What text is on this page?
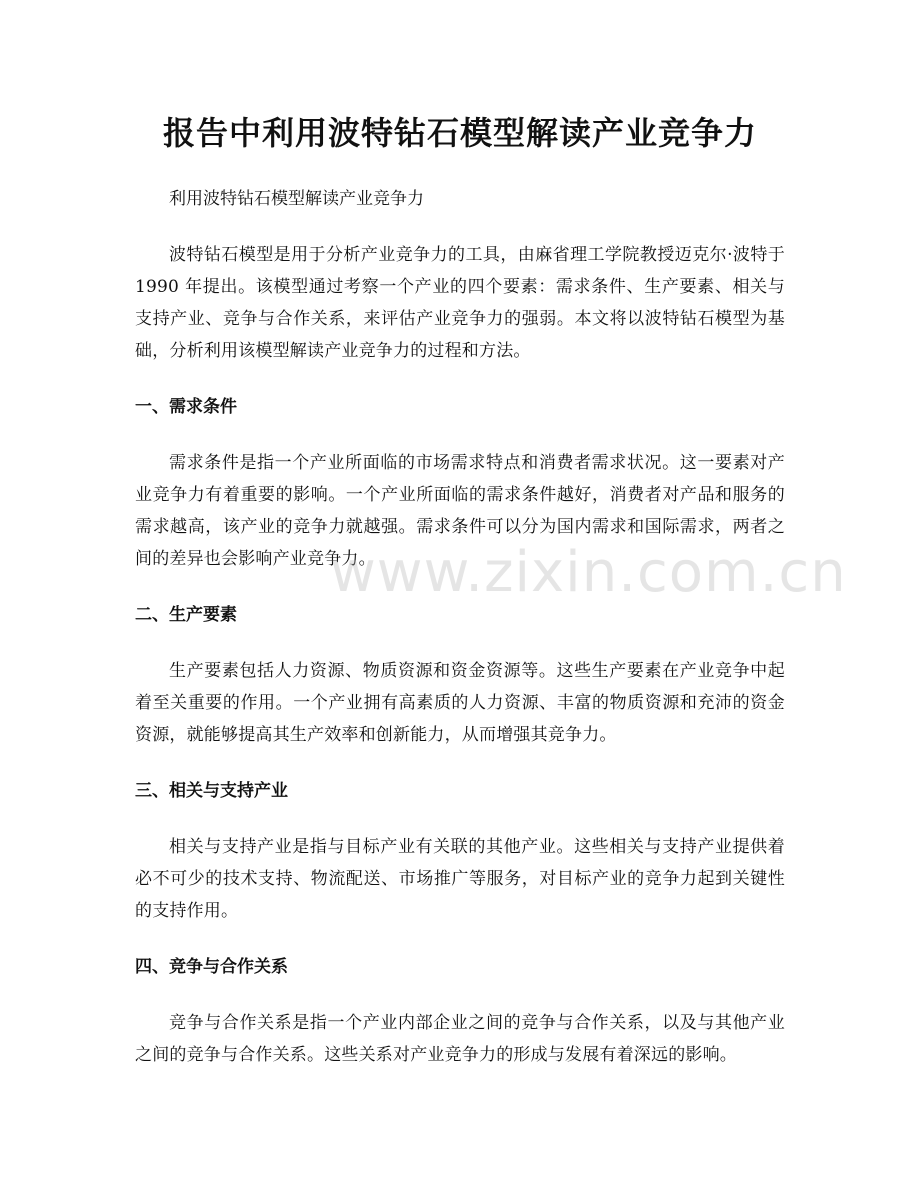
报告中利用波特钻石模型解读产业竞争力

利用波特钻石模型解读产业竞争力

波特钻石模型是用于分析产业竞争力的工具，由麻省理工学院教授迈克尔·波特于 1990 年提出。该模型通过考察一个产业的四个要素：需求条件、生产要素、相关与支持产业、竞争与合作关系，来评估产业竞争力的强弱。本文将以波特钻石模型为基础，分析利用该模型解读产业竞争力的过程和方法。

一、需求条件

需求条件是指一个产业所面临的市场需求特点和消费者需求状况。这一要素对产业竞争力有着重要的影响。一个产业所面临的需求条件越好，消费者对产品和服务的需求越高，该产业的竞争力就越强。需求条件可以分为国内需求和国际需求，两者之间的差异也会影响产业竞争力。

二、生产要素

生产要素包括人力资源、物质资源和资金资源等。这些生产要素在产业竞争中起着至关重要的作用。一个产业拥有高素质的人力资源、丰富的物质资源和充沛的资金资源，就能够提高其生产效率和创新能力，从而增强其竞争力。

三、相关与支持产业

相关与支持产业是指与目标产业有关联的其他产业。这些相关与支持产业提供着必不可少的技术支持、物流配送、市场推广等服务，对目标产业的竞争力起到关键性的支持作用。

四、竞争与合作关系

竞争与合作关系是指一个产业内部企业之间的竞争与合作关系，以及与其他产业之间的竞争与合作关系。这些关系对产业竞争力的形成与发展有着深远的影响。

www.zixin.com.cn
